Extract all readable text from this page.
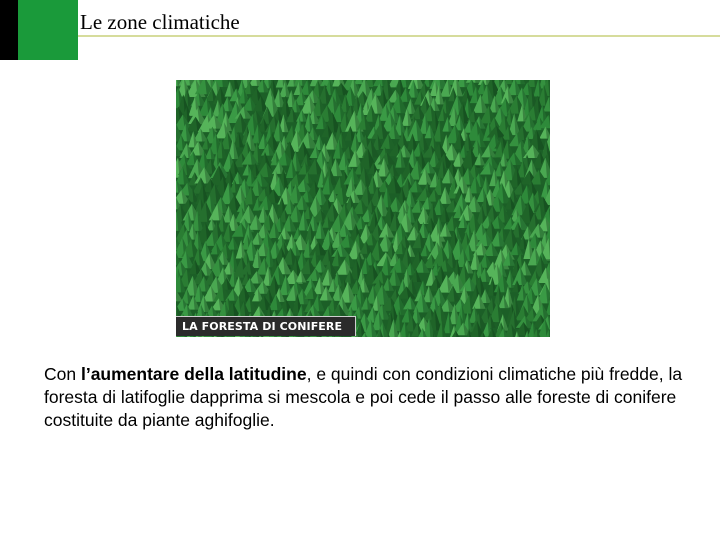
Le zone climatiche
LA FORESTA DI CONIFERE
Con l’aumentare della latitudine, e quindi con condizioni climatiche più fredde, la foresta di latifoglie dapprima si mescola e poi cede il passo alle foreste di conifere costituite da piante aghifoglie.
